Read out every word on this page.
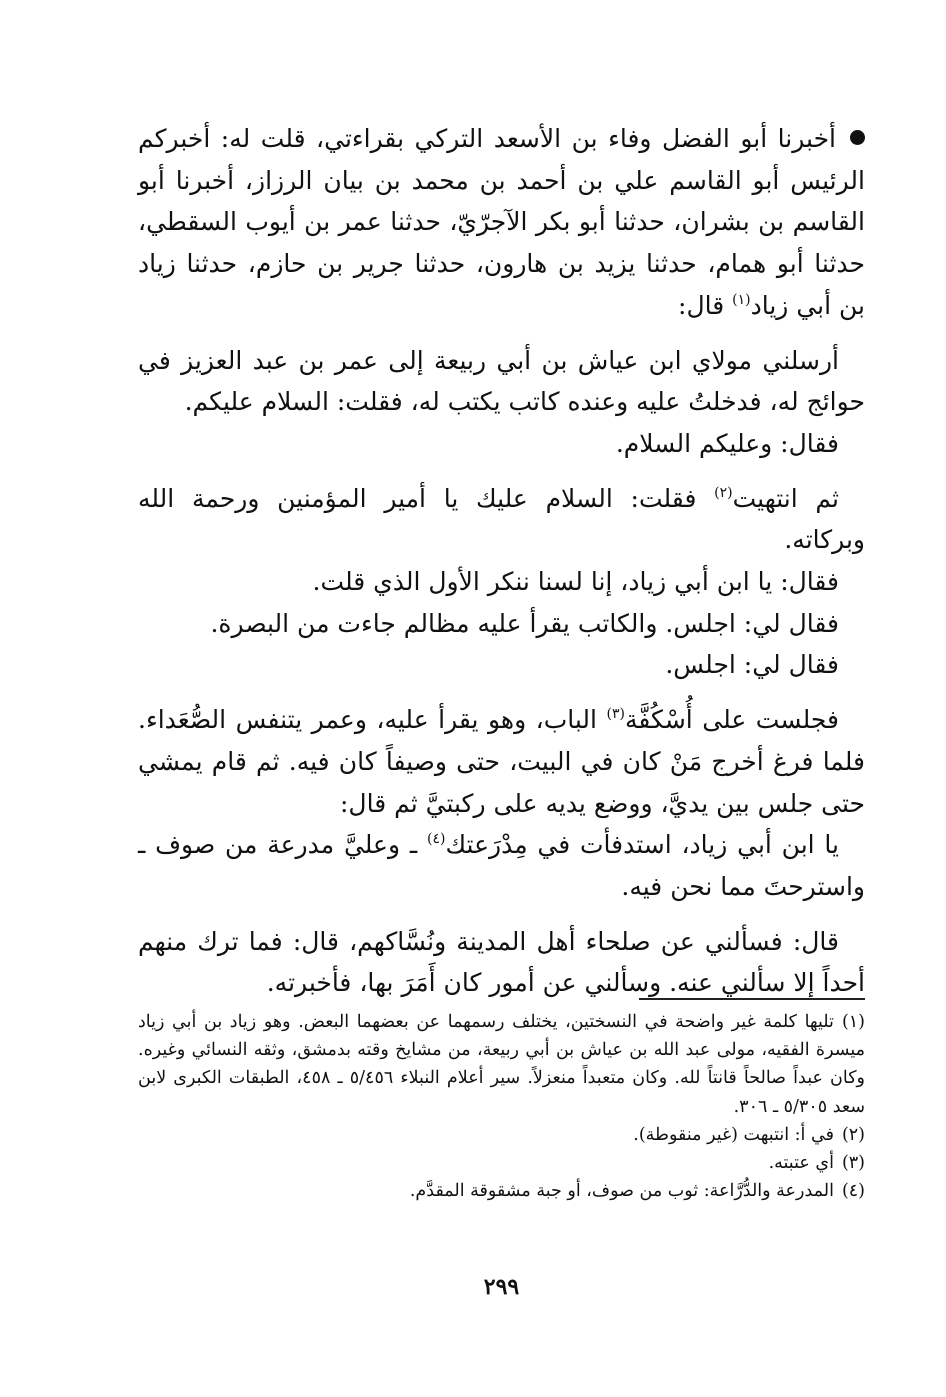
أخبرنا أبو الفضل وفاء بن الأسعد التركي بقراءتي، قلت له: أخبركم الرئيس أبو القاسم علي بن أحمد بن محمد بن بيان الرزاز، أخبرنا أبو القاسم بن بشران، حدثنا أبو بكر الآجرّيّ، حدثنا عمر بن أيوب السقطي، حدثنا أبو همام، حدثنا يزيد بن هارون، حدثنا جرير بن حازم، حدثنا زياد بن أبي زياد$^{(١)}$ قال:

أرسلني مولاي ابن عياش بن أبي ربيعة إلى عمر بن عبد العزيز في حوائج له، فدخلتُ عليه وعنده كاتب يكتب له، فقلت: السلام عليكم.

فقال: وعليكم السلام.

ثم انتهيت$^{(٢)}$ فقلت: السلام عليك يا أمير المؤمنين ورحمة الله وبركاته.

فقال: يا ابن أبي زياد، إنا لسنا ننكر الأول الذي قلت.

فقال لي: اجلس. والكاتب يقرأ عليه مظالم جاءت من البصرة.

فقال لي: اجلس.

فجلست على أُسْكُفَّة$^{(٣)}$ الباب، وهو يقرأ عليه، وعمر يتنفس الصُّعَداء. فلما فرغ أخرج مَنْ كان في البيت، حتى وصيفاً كان فيه. ثم قام يمشي حتى جلس بين يديَّ، ووضع يديه على ركبتيَّ ثم قال:

يا ابن أبي زياد، استدفأت في مِدْرَعتك$^{(٤)}$ ـ وعليَّ مدرعة من صوف ـ واسترحتَ مما نحن فيه.

قال: فسألني عن صلحاء أهل المدينة ونُسَّاكهم، قال: فما ترك منهم أحداً إلا سألني عنه. وسألني عن أمور كان أَمَرَ بها، فأخبرته.

(١)تليها كلمة غير واضحة في النسختين، يختلف رسمهما عن بعضهما البعض. وهو زياد بن أبي زياد ميسرة الفقيه، مولى عبد الله بن عياش بن أبي ربيعة، من مشايخ وقته بدمشق، وثقه النسائي وغيره. وكان عبداً صالحاً قانتاً لله. وكان متعبداً منعزلاً. سير أعلام النبلاء ٥/٤٥٦ ـ ٤٥٨، الطبقات الكبرى لابن سعد ٥/٣٠٥ ـ ٣٠٦.

(٢)في أ: انتبهت (غير منقوطة).

(٣)أي عتبته.

(٤)المدرعة والدُّرَّاعة: ثوب من صوف، أو جبة مشقوقة المقدَّم.

٢٩٩
